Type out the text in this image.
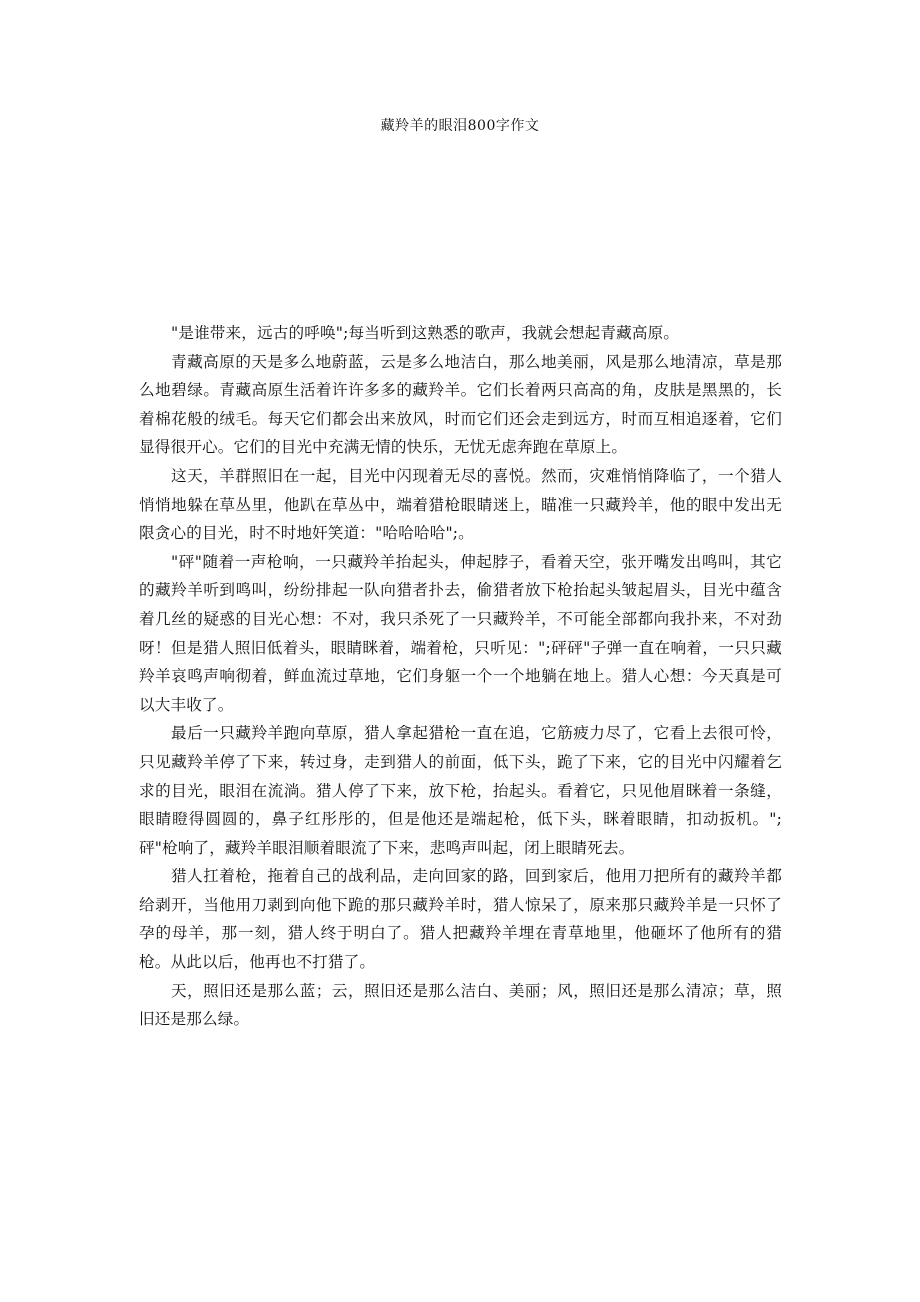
藏羚羊的眼泪800字作文

"是谁带来，远古的呼唤";每当听到这熟悉的歌声，我就会想起青藏高原。

青藏高原的天是多么地蔚蓝，云是多么地洁白，那么地美丽，风是那么地清凉，草是那么地碧绿。青藏高原生活着许许多多的藏羚羊。它们长着两只高高的角，皮肤是黑黑的，长着棉花般的绒毛。每天它们都会出来放风，时而它们还会走到远方，时而互相追逐着，它们显得很开心。它们的目光中充满无情的快乐，无忧无虑奔跑在草原上。

这天，羊群照旧在一起，目光中闪现着无尽的喜悦。然而，灾难悄悄降临了，一个猎人悄悄地躲在草丛里，他趴在草丛中，端着猎枪眼睛迷上，瞄准一只藏羚羊，他的眼中发出无限贪心的目光，时不时地奸笑道："哈哈哈哈";。

"砰"随着一声枪响，一只藏羚羊抬起头，伸起脖子，看着天空，张开嘴发出鸣叫，其它的藏羚羊听到鸣叫，纷纷排起一队向猎者扑去，偷猎者放下枪抬起头皱起眉头，目光中蕴含着几丝的疑惑的目光心想：不对，我只杀死了一只藏羚羊，不可能全部都向我扑来，不对劲呀！但是猎人照旧低着头，眼睛眯着，端着枪，只听见：";砰砰"子弹一直在响着，一只只藏羚羊哀鸣声响彻着，鲜血流过草地，它们身躯一个一个地躺在地上。猎人心想：今天真是可以大丰收了。

最后一只藏羚羊跑向草原，猎人拿起猎枪一直在追，它筋疲力尽了，它看上去很可怜，只见藏羚羊停了下来，转过身，走到猎人的前面，低下头，跪了下来，它的目光中闪耀着乞求的目光，眼泪在流淌。猎人停了下来，放下枪，抬起头。看着它，只见他眉眯着一条缝，眼睛瞪得圆圆的，鼻子红彤彤的，但是他还是端起枪，低下头，眯着眼睛，扣动扳机。";砰"枪响了，藏羚羊眼泪顺着眼流了下来，悲鸣声叫起，闭上眼睛死去。

猎人扛着枪，拖着自己的战利品，走向回家的路，回到家后，他用刀把所有的藏羚羊都给剥开，当他用刀剥到向他下跪的那只藏羚羊时，猎人惊呆了，原来那只藏羚羊是一只怀了孕的母羊，那一刻，猎人终于明白了。猎人把藏羚羊埋在青草地里，他砸坏了他所有的猎枪。从此以后，他再也不打猎了。

天，照旧还是那么蓝；云，照旧还是那么洁白、美丽；风，照旧还是那么清凉；草，照旧还是那么绿。
